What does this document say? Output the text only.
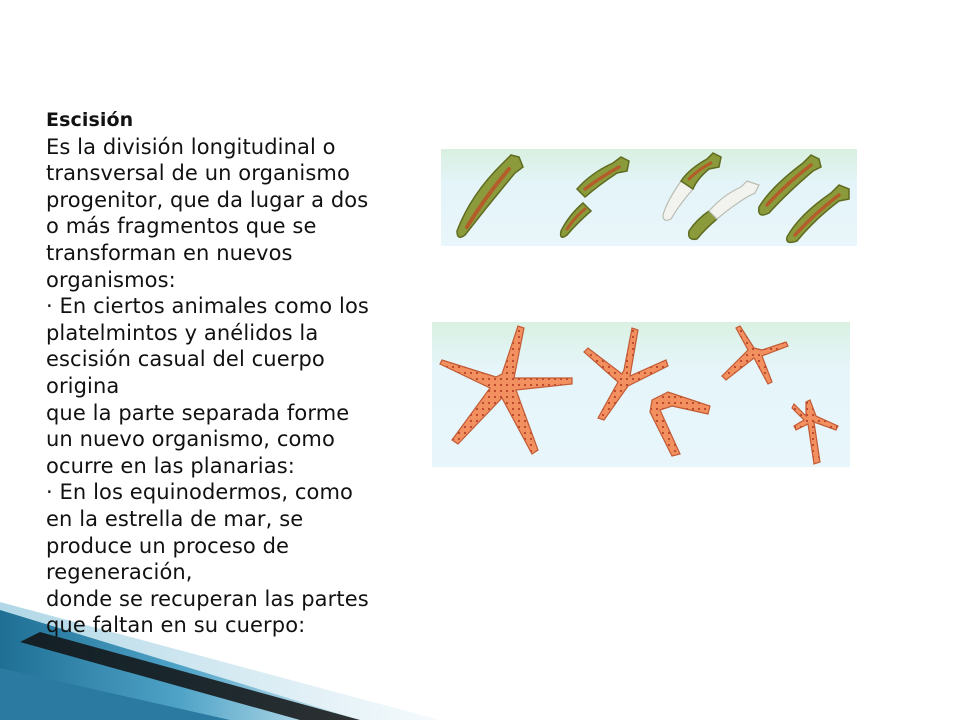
Escisión
Es la división longitudinal o
transversal de un organismo
progenitor, que da lugar a dos
o más fragmentos que se
transforman en nuevos
organismos:
· En ciertos animales como los
platelmintos y anélidos la
escisión casual del cuerpo
origina
que la parte separada forme
un nuevo organismo, como
ocurre en las planarias:
· En los equinodermos, como
en la estrella de mar, se
produce un proceso de
regeneración,
donde se recuperan las partes
que faltan en su cuerpo:
